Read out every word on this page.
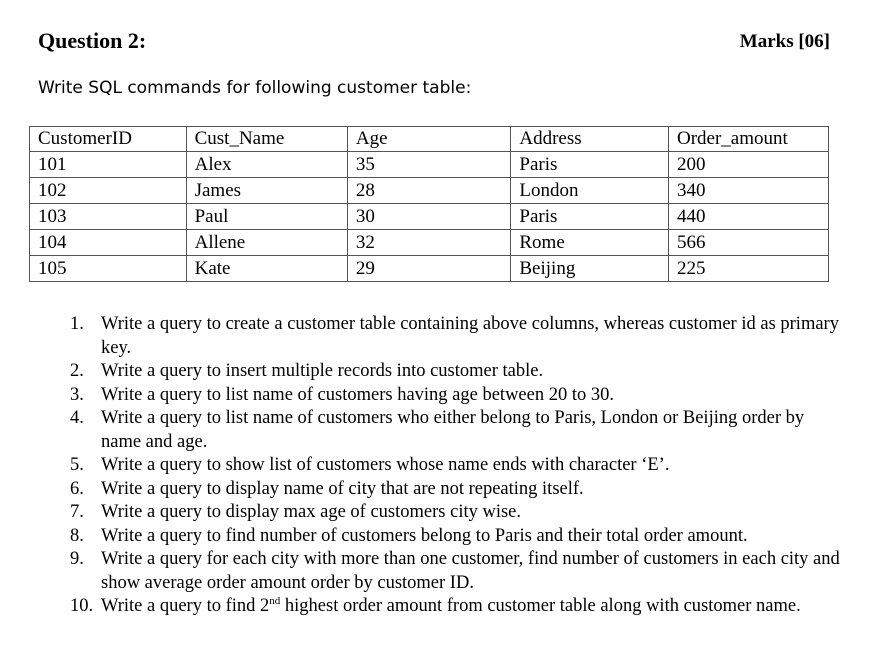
Question 2:	Marks [06]
Write SQL commands for following customer table:
CustomerID	Cust_Name	Age	Address	Order_amount
101	Alex	35	Paris	200
102	James	28	London	340
103	Paul	30	Paris	440
104	Allene	32	Rome	566
105	Kate	29	Beijing	225
1. Write a query to create a customer table containing above columns, whereas customer id as primary key.
2. Write a query to insert multiple records into customer table.
3. Write a query to list name of customers having age between 20 to 30.
4. Write a query to list name of customers who either belong to Paris, London or Beijing order by name and age.
5. Write a query to show list of customers whose name ends with character ‘E’.
6. Write a query to display name of city that are not repeating itself.
7. Write a query to display max age of customers city wise.
8. Write a query to find number of customers belong to Paris and their total order amount.
9. Write a query for each city with more than one customer, find number of customers in each city and show average order amount order by customer ID.
10. Write a query to find 2nd highest order amount from customer table along with customer name.
